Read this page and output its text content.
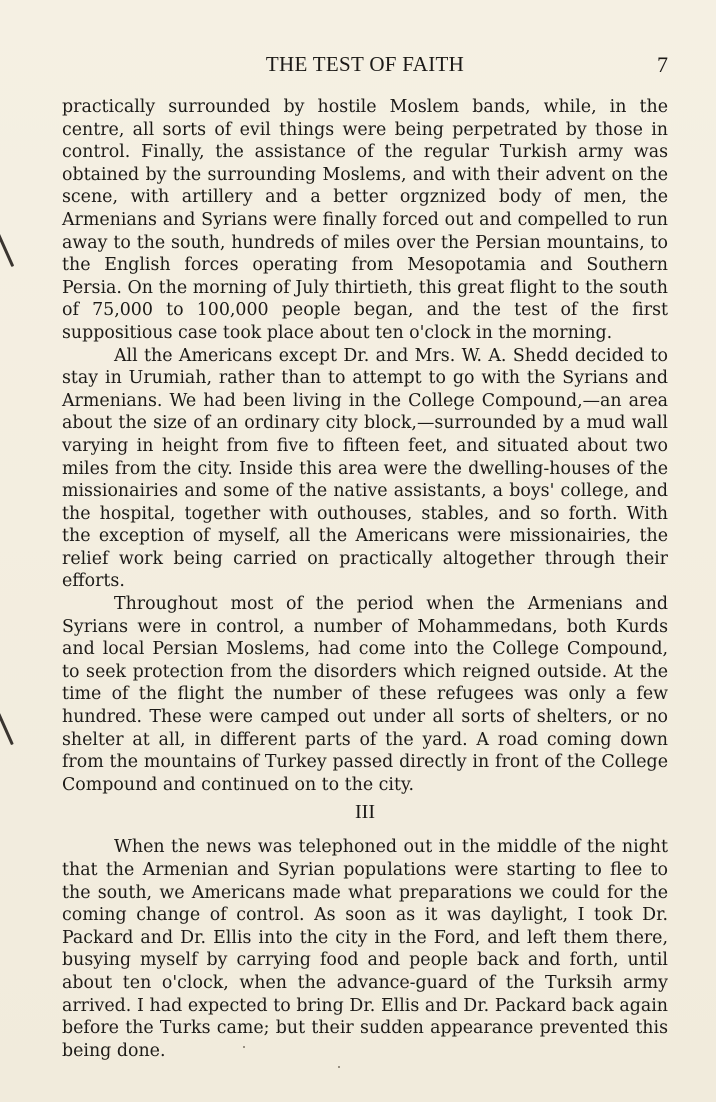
THE TEST OF FAITH	7

practically surrounded by hostile Moslem bands, while, in the centre, all sorts of evil things were being perpetrated by those in control. Finally, the assistance of the regular Turkish army was obtained by the surrounding Moslems, and with their advent on the scene, with artillery and a better orgznized body of men, the Armenians and Syrians were finally forced out and compelled to run away to the south, hundreds of miles over the Persian mountains, to the English forces operating from Mesopotamia and Southern Persia. On the morning of July thirtieth, this great flight to the south of 75,000 to 100,000 people began, and the test of the first suppositious case took place about ten o'clock in the morning.

All the Americans except Dr. and Mrs. W. A. Shedd decided to stay in Urumiah, rather than to attempt to go with the Syrians and Armenians. We had been living in the College Compound,—an area about the size of an ordinary city block,—surrounded by a mud wall varying in height from five to fifteen feet, and situated about two miles from the city. Inside this area were the dwelling-houses of the missionairies and some of the native assistants, a boys' college, and the hospital, together with outhouses, stables, and so forth. With the exception of myself, all the Americans were missionairies, the relief work being carried on practically altogether through their efforts.

Throughout most of the period when the Armenians and Syrians were in control, a number of Mohammedans, both Kurds and local Persian Moslems, had come into the College Compound, to seek protection from the disorders which reigned outside. At the time of the flight the number of these refugees was only a few hundred. These were camped out under all sorts of shelters, or no shelter at all, in different parts of the yard. A road coming down from the mountains of Turkey passed directly in front of the College Compound and continued on to the city.

III

When the news was telephoned out in the middle of the night that the Armenian and Syrian populations were starting to flee to the south, we Americans made what preparations we could for the coming change of control. As soon as it was daylight, I took Dr. Packard and Dr. Ellis into the city in the Ford, and left them there, busying myself by carrying food and people back and forth, until about ten o'clock, when the advance-guard of the Turksih army arrived. I had expected to bring Dr. Ellis and Dr. Packard back again before the Turks came; but their sudden appearance prevented this being done.
